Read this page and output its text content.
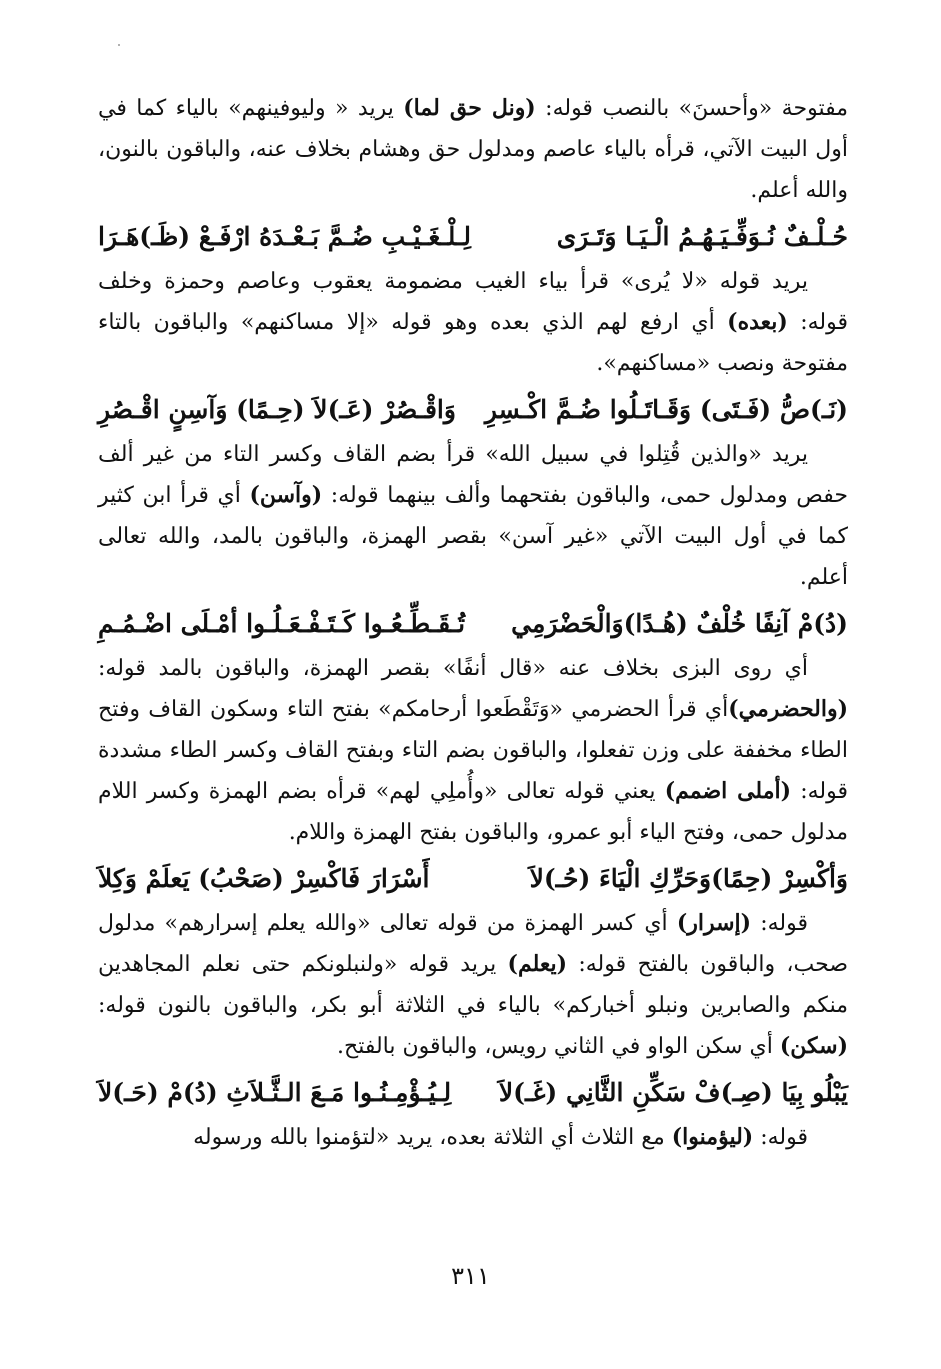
مفتوحة «وأحسنَ» بالنصب قوله: (ونل حق لما) يريد « وليوفينهم» بالياء كما في أول البيت الآتي، قرأه بالياء عاصم ومدلول حق وهشام بخلاف عنه، والباقون بالنون، والله أعلم.

حُـلْـفٌ نُـوَفِّـيَـهُـمُ الْـيَـا وَتَـرَى
لِـلْـغَـيْـبِ ضُـمَّ بَـعْـدَهُ ارْفَـعْ (ظَـ)هَـرَا

يريد قوله «لا يُرى» قرأ بياء الغيب مضمومة يعقوب وعاصم وحمزة وخلف قوله: (بعده) أي ارفع لهم الذي بعده وهو قوله «إلا مساكنهم» والباقون بالتاء مفتوحة ونصب «مساكنهم».

(نَـ)صُّ (فَـتَى) وَقَـاتَـلُوا ضُـمَّ اكْـسِرِ
وَاقْـصُرْ (عَـ)لاَ (حِـمًا) وَآسِنٍ اقْـصُرِ

يريد «والذين قُتِلوا في سبيل الله» قرأ بضم القاف وكسر التاء من غير ألف حفص ومدلول حمى، والباقون بفتحهما وألف بينهما قوله: (وآسن) أي قرأ ابن كثير كما في أول البيت الآتي «غير آسن» بقصر الهمزة، والباقون بالمد، والله تعالى أعلم.

(دُ)مْ آنِفًا خُلْفٌ (هُـدًا)وَالْحَضْرَمِي
تُـقَـطِّـعُـوا كَـتَـفْـعَـلُـوا أمْـلَى اضْـمُـمِ

أي روى البزى بخلاف عنه «قال أنفًا» بقصر الهمزة، والباقون بالمد قوله: (والحضرمي)أي قرأ الحضرمي «وَتَقْطَعوا أرحامكم» بفتح التاء وسكون القاف وفتح الطاء مخففة على وزن تفعلوا، والباقون بضم التاء وبفتح القاف وكسر الطاء مشددة قوله: (أملى اضمم) يعني قوله تعالى «وأُملِي لهم» قرأه بضم الهمزة وكسر اللام مدلول حمى، وفتح الياء أبو عمرو، والباقون بفتح الهمزة واللام.

وَأكْسِرْ (حِمًا)وَحَرِّكِ الْيَاءَ (حُـ)لاَ
أَسْرَارَ فَاكْسِرْ (صَحْبُ) يَعلَمْ وَكِلاَ

قوله: (إسرار) أي كسر الهمزة من قوله تعالى «والله يعلم إسرارهم» مدلول صحب، والباقون بالفتح قوله: (يعلم) يريد قوله «ولنبلونكم حتى نعلم المجاهدين منكم والصابرين ونبلو أخباركم» بالياء في الثلاثة أبو بكر، والباقون بالنون قوله: (سكن) أي سكن الواو في الثاني رويس، والباقون بالفتح.

يَبْلُو بِيَا (صِـ)فْ سَكِّنِ الثَّانِي (غَـ)لاَ
لِـيُـؤْمِـنُـوا مَـعَ الـثَّـلاَثِ (دُ)مْ (حَـ)لاَ

قوله: (ليؤمنوا) مع الثلاث أي الثلاثة بعده، يريد «لتؤمنوا بالله ورسوله

٣١١
